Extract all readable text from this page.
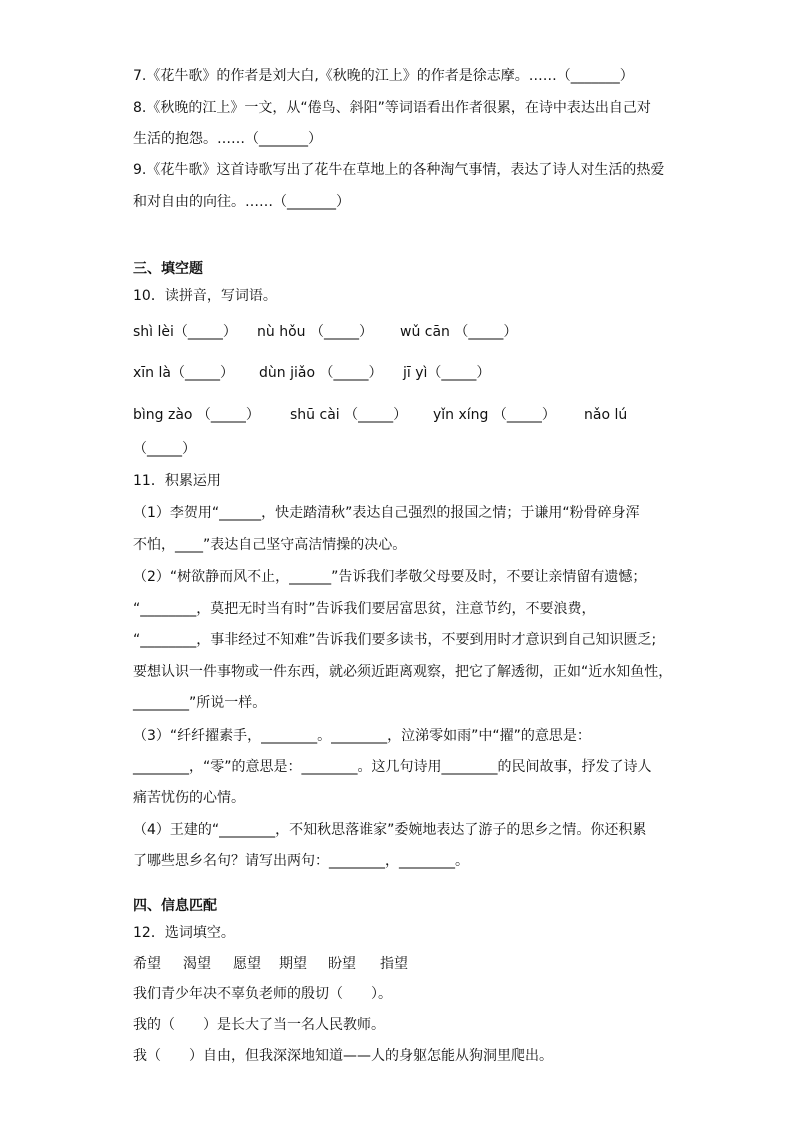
7.《花牛歌》的作者是刘大白,《秋晚的江上》的作者是徐志摩。……（_______）
8.《秋晚的江上》一文，从“倦鸟、斜阳”等词语看出作者很累，在诗中表达出自己对
生活的抱怨。……（_______）
9.《花牛歌》这首诗歌写出了花牛在草地上的各种淘气事情，表达了诗人对生活的热爱
和对自由的向往。……（_______）
三、填空题
10．读拼音，写词语。
shì lèi（_____） nù hǒu （_____） wǔ cān （_____）
xīn là（_____） dùn jiǎo （_____） jī yì（_____）
bìng zào （_____） shū cài （_____） yǐn xíng （_____） nǎo lú
（_____）
11．积累运用
（1）李贺用“______，快走踏清秋”表达自己强烈的报国之情；于谦用“粉骨碎身浑
不怕，____”表达自己坚守高洁情操的决心。
（2）“树欲静而风不止，______”告诉我们孝敬父母要及时，不要让亲情留有遗憾；
“________，莫把无时当有时”告诉我们要居富思贫，注意节约，不要浪费，
“________，事非经过不知难”告诉我们要多读书，不要到用时才意识到自己知识匮乏;
要想认识一件事物或一件东西，就必须近距离观察，把它了解透彻，正如“近水知鱼性，
________”所说一样。
（3）“纤纤擢素手，________。________，泣涕零如雨”中“擢”的意思是：
________，“零”的意思是：________。这几句诗用________的民间故事，抒发了诗人
痛苦忧伤的心情。
（4）王建的“________，不知秋思落谁家”委婉地表达了游子的思乡之情。你还积累
了哪些思乡名句？请写出两句：________，________。
四、信息匹配
12．选词填空。
希望 渴望 愿望 期望 盼望 指望
我们青少年决不辜负老师的殷切（　　）。
我的（　　）是长大了当一名人民教师。
我（　　）自由，但我深深地知道——人的身躯怎能从狗洞里爬出。
